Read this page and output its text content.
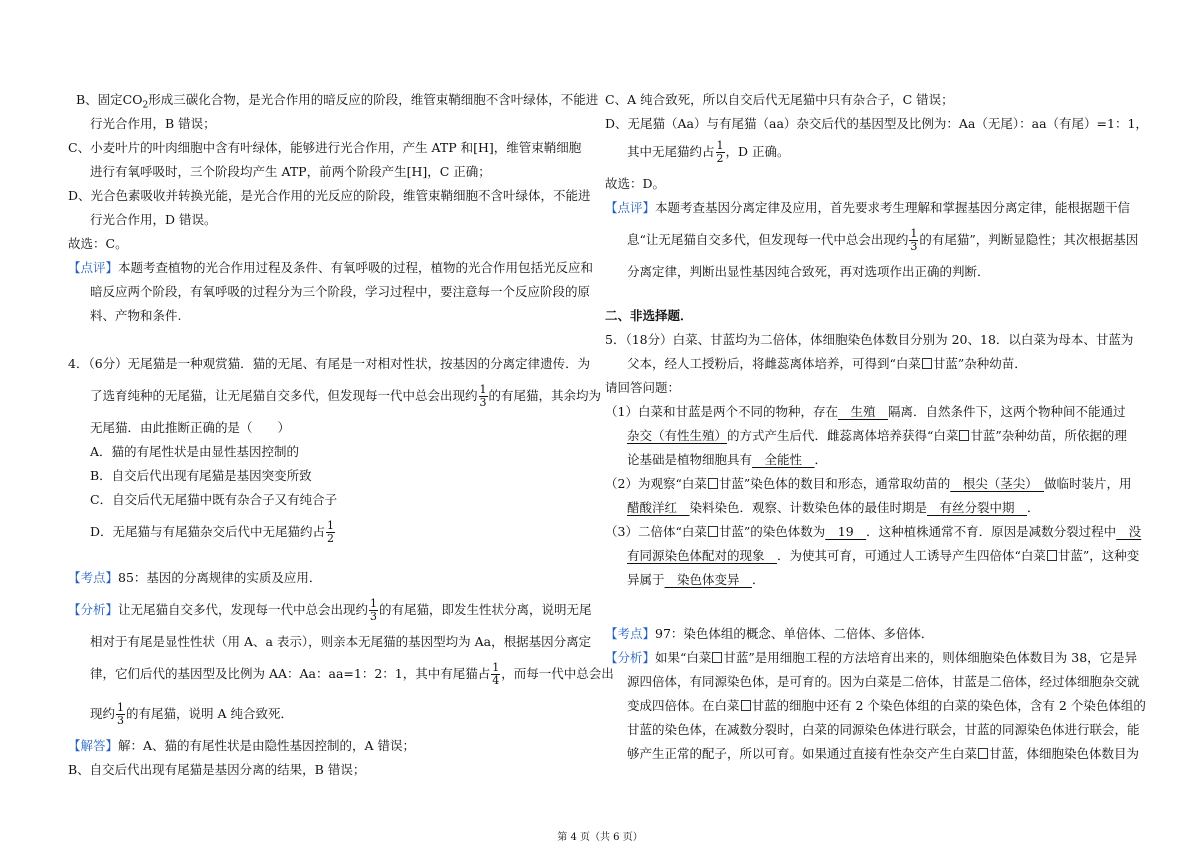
B、固定$CO_2$形成三碳化合物，是光合作用的暗反应的阶段，维管束鞘细胞不含叶绿体，不能进
行光合作用，B 错误；
C、小麦叶片的叶肉细胞中含有叶绿体，能够进行光合作用，产生 ATP 和[H]，维管束鞘细胞
进行有氧呼吸时，三个阶段均产生 ATP，前两个阶段产生[H]，C 正确；
D、光合色素吸收并转换光能，是光合作用的光反应的阶段，维管束鞘细胞不含叶绿体，不能进
行光合作用，D 错误。
故选：C。
【点评】本题考查植物的光合作用过程及条件、有氧呼吸的过程，植物的光合作用包括光反应和
暗反应两个阶段，有氧呼吸的过程分为三个阶段，学习过程中，要注意每一个反应阶段的原
料、产物和条件.
4．（6分）无尾猫是一种观赏猫．猫的无尾、有尾是一对相对性状，按基因的分离定律遗传．为
了选育纯种的无尾猫，让无尾猫自交多代，但发现每一代中总会出现约 $\frac{1}{3}$ 的有尾猫，其余均为
无尾猫．由此推断正确的是（　　）
A．猫的有尾性状是由显性基因控制的
B．自交后代出现有尾猫是基因突变所致
C．自交后代无尾猫中既有杂合子又有纯合子
D．无尾猫与有尾猫杂交后代中无尾猫约占 $\frac{1}{2}$
【考点】85：基因的分离规律的实质及应用．
【分析】让无尾猫自交多代，发现每一代中总会出现约 $\frac{1}{3}$ 的有尾猫，即发生性状分离，说明无尾
相对于有尾是显性性状（用 A、a 表示），则亲本无尾猫的基因型均为 Aa，根据基因分离定
律，它们后代的基因型及比例为 AA：Aa：aa=1：2：1，其中有尾猫占 $\frac{1}{4}$ ，而每一代中总会出
现约 $\frac{1}{3}$ 的有尾猫，说明 A 纯合致死．
【解答】解：A、猫的有尾性状是由隐性基因控制的，A 错误；
B、自交后代出现有尾猫是基因分离的结果，B 错误；
C、A 纯合致死，所以自交后代无尾猫中只有杂合子，C 错误；
D、无尾猫（Aa）与有尾猫（aa）杂交后代的基因型及比例为：Aa（无尾）：aa（有尾）=1：1，
其中无尾猫约占 $\frac{1}{2}$ ，D 正确。
故选：D。
【点评】本题考查基因分离定律及应用，首先要求考生理解和掌握基因分离定律，能根据题干信
息“让无尾猫自交多代，但发现每一代中总会出现约 $\frac{1}{3}$ 的有尾猫”，判断显隐性；其次根据基因
分离定律，判断出显性基因纯合致死，再对选项作出正确的判断．
二、非选择题．
5．（18分）白菜、甘蓝均为二倍体，体细胞染色体数目分别为 20、18．以白菜为母本、甘蓝为
父本，经人工授粉后，将雌蕊离体培养，可得到“白菜 甘蓝”杂种幼苗．
请回答问题：
（1）白菜和甘蓝是两个不同的物种，存在　生殖　隔离．自然条件下，这两个物种间不能通过
杂交（有性生殖）的方式产生后代．雌蕊离体培养获得“白菜 甘蓝”杂种幼苗，所依据的理
论基础是植物细胞具有　全能性　．
（2）为观察“白菜 甘蓝”染色体的数目和形态，通常取幼苗的　根尖（茎尖）　做临时装片，用
醋酸洋红　染料染色．观察、计数染色体的最佳时期是　有丝分裂中期　．
（3）二倍体“白菜 甘蓝”的染色体数为　19　．这种植株通常不育．原因是减数分裂过程中　没
有同源染色体配对的现象　．为使其可育，可通过人工诱导产生四倍体“白菜 甘蓝”，这种变
异属于　染色体变异　．
【考点】97：染色体组的概念、单倍体、二倍体、多倍体．
【分析】如果“白菜 甘蓝”是用细胞工程的方法培育出来的，则体细胞染色体数目为 38，它是异
源四倍体，有同源染色体，是可育的。因为白菜是二倍体，甘蓝是二倍体，经过体细胞杂交就
变成四倍体。在白菜 甘蓝的细胞中还有 2 个染色体组的白菜的染色体，含有 2 个染色体组的
甘蓝的染色体，在减数分裂时，白菜的同源染色体进行联会，甘蓝的同源染色体进行联会，能
够产生正常的配子，所以可育。如果通过直接有性杂交产生白菜 甘蓝，体细胞染色体数目为
第 4 页（共 6 页）
